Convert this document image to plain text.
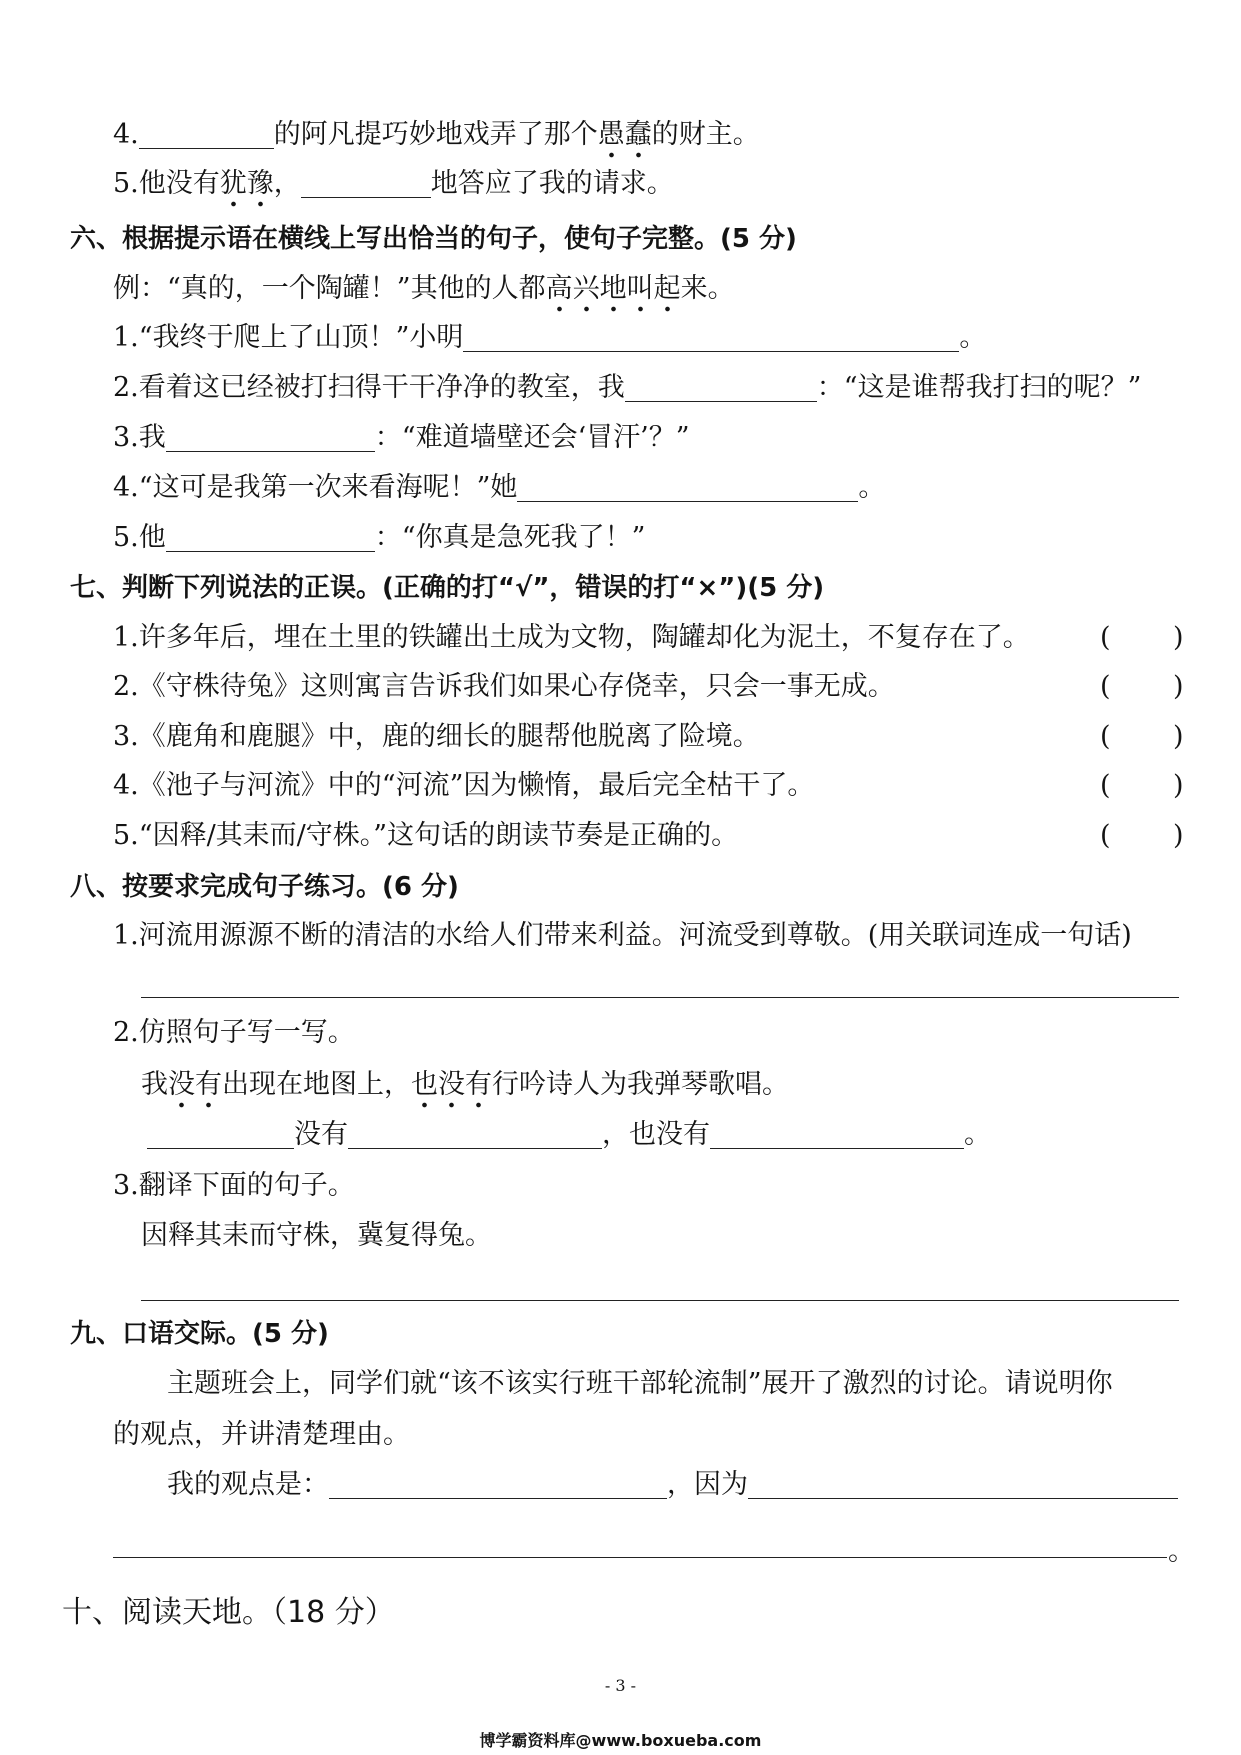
4.	的阿凡提巧妙地戏弄了那个愚蠢的财主。
5.他没有犹豫，	地答应了我的请求。
六、根据提示语在横线上写出恰当的句子，使句子完整。(5 分)
例：“真的，一个陶罐！”其他的人都高兴地叫起来。
1.“我终于爬上了山顶！”小明	。
2.看着这已经被打扫得干干净净的教室，我	：“这是谁帮我打扫的呢？”
3.我	：“难道墙壁还会‘冒汗’？”
4.“这可是我第一次来看海呢！”她	。
5.他	：“你真是急死我了！”
七、判断下列说法的正误。(正确的打“√”，错误的打“×”)(5 分)
1.许多年后，埋在土里的铁罐出土成为文物，陶罐却化为泥土，不复存在了。	( )
2.《守株待兔》这则寓言告诉我们如果心存侥幸，只会一事无成。	( )
3.《鹿角和鹿腿》中，鹿的细长的腿帮他脱离了险境。	( )
4.《池子与河流》中的“河流”因为懒惰，最后完全枯干了。	( )
5.“因释/其耒而/守株。”这句话的朗读节奏是正确的。	( )
八、按要求完成句子练习。(6 分)
1.河流用源源不断的清洁的水给人们带来利益。河流受到尊敬。(用关联词连成一句话)
2.仿照句子写一写。
我没有出现在地图上，也没有行吟诗人为我弹琴歌唱。
没有	，也没有	。
3.翻译下面的句子。
因释其耒而守株，冀复得兔。
九、口语交际。(5 分)
主题班会上，同学们就“该不该实行班干部轮流制”展开了激烈的讨论。请说明你
的观点，并讲清楚理由。
我的观点是：	，因为
。
十、阅读天地。（18 分）
- 3 -
博学霸资料库@www.boxueba.com
